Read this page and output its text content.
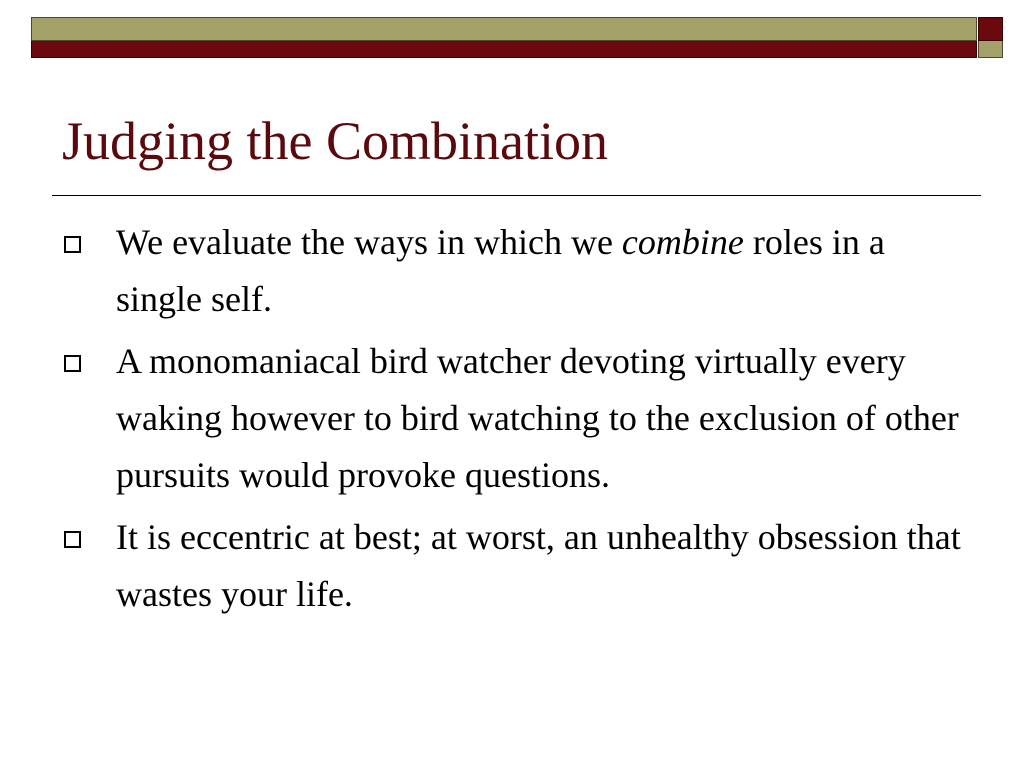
Judging the Combination
We evaluate the ways in which we combine roles in a single self.
A monomaniacal bird watcher devoting virtually every waking however to bird watching to the exclusion of other pursuits would provoke questions.
It is eccentric at best; at worst, an unhealthy obsession that wastes your life.
